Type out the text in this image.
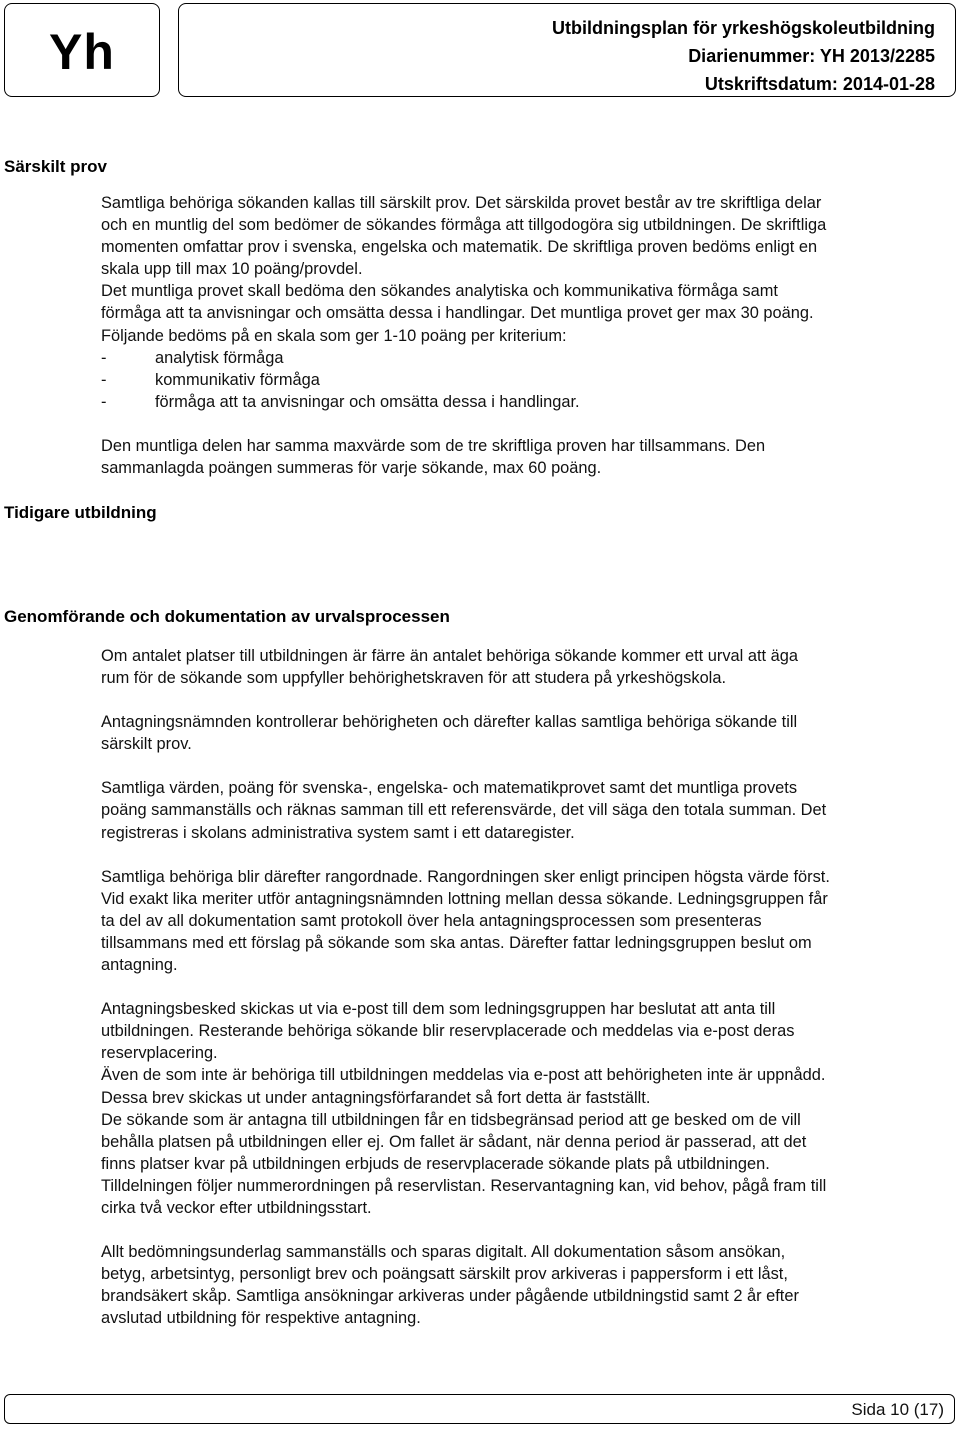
Yh	Utbildningsplan för yrkeshögskoleutbildning
Diarienummer: YH 2013/2285
Utskriftsdatum: 2014-01-28
Särskilt prov

Samtliga behöriga sökanden kallas till särskilt prov. Det särskilda provet består av tre skriftliga delar

och en muntlig del som bedömer de sökandes förmåga att tillgodogöra sig utbildningen. De skriftliga

momenten omfattar prov i svenska, engelska och matematik. De skriftliga proven bedöms enligt en

skala upp till max 10 poäng/provdel.

Det muntliga provet skall bedöma den sökandes analytiska och kommunikativa förmåga samt

förmåga att ta anvisningar och omsätta dessa i handlingar. Det muntliga provet ger max 30 poäng.

Följande bedöms på en skala som ger 1-10 poäng per kriterium:

-	analytisk förmåga
-	kommunikativ förmåga
-	förmåga att ta anvisningar och omsätta dessa i handlingar.

Den muntliga delen har samma maxvärde som de tre skriftliga proven har tillsammans. Den

sammanlagda poängen summeras för varje sökande, max 60 poäng.

Tidigare utbildning
Genomförande och dokumentation av urvalsprocessen

Om antalet platser till utbildningen är färre än antalet behöriga sökande kommer ett urval att äga

rum för de sökande som uppfyller behörighetskraven för att studera på yrkeshögskola.

Antagningsnämnden kontrollerar behörigheten och därefter kallas samtliga behöriga sökande till

särskilt prov.

Samtliga värden, poäng för svenska-, engelska- och matematikprovet samt det muntliga provets

poäng sammanställs och räknas samman till ett referensvärde, det vill säga den totala summan. Det

registreras i skolans administrativa system samt i ett dataregister.

Samtliga behöriga blir därefter rangordnade. Rangordningen sker enligt principen högsta värde först.

Vid exakt lika meriter utför antagningsnämnden lottning mellan dessa sökande. Ledningsgruppen får

ta del av all dokumentation samt protokoll över hela antagningsprocessen som presenteras

tillsammans med ett förslag på sökande som ska antas. Därefter fattar ledningsgruppen beslut om

antagning.

Antagningsbesked skickas ut via e-post till dem som ledningsgruppen har beslutat att anta till

utbildningen. Resterande behöriga sökande blir reservplacerade och meddelas via e-post deras

reservplacering.

Även de som inte är behöriga till utbildningen meddelas via e-post att behörigheten inte är uppnådd.

Dessa brev skickas ut under antagningsförfarandet så fort detta är fastställt.

De sökande som är antagna till utbildningen får en tidsbegränsad period att ge besked om de vill

behålla platsen på utbildningen eller ej. Om fallet är sådant, när denna period är passerad, att det

finns platser kvar på utbildningen erbjuds de reservplacerade sökande plats på utbildningen.

Tilldelningen följer nummerordningen på reservlistan. Reservantagning kan, vid behov, pågå fram till

cirka två veckor efter utbildningsstart.

Allt bedömningsunderlag sammanställs och sparas digitalt. All dokumentation såsom ansökan,

betyg, arbetsintyg, personligt brev och poängsatt särskilt prov arkiveras i pappersform i ett låst,

brandsäkert skåp. Samtliga ansökningar arkiveras under pågående utbildningstid samt 2 år efter

avslutad utbildning för respektive antagning.

Sida 10 (17)
